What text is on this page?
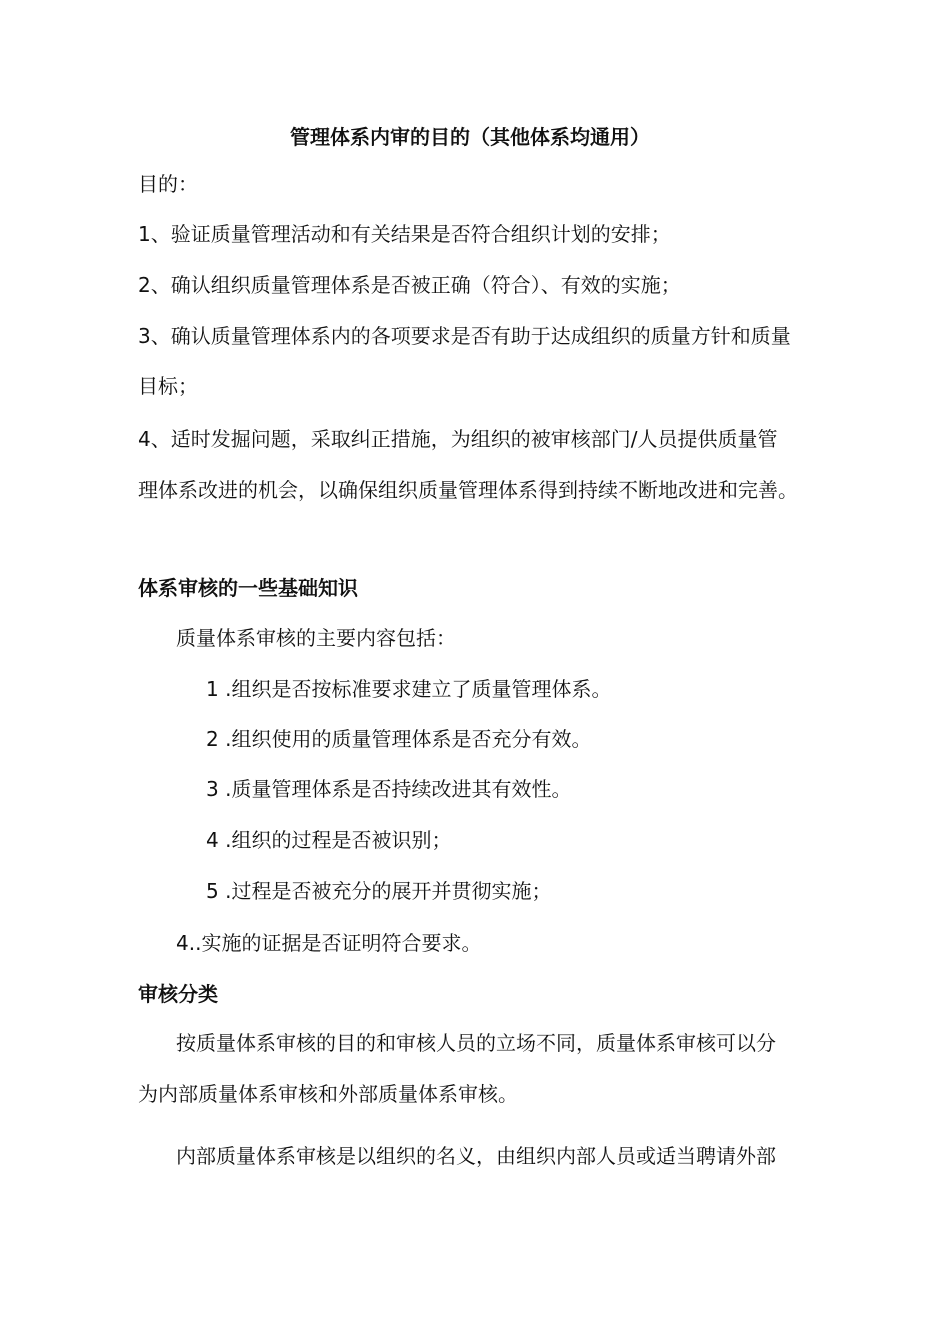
管理体系内审的目的（其他体系均通用）
目的：
1、验证质量管理活动和有关结果是否符合组织计划的安排；
2、确认组织质量管理体系是否被正确（符合）、有效的实施；
3、确认质量管理体系内的各项要求是否有助于达成组织的质量方针和质量
目标；
4、适时发掘问题，采取纠正措施，为组织的被审核部门/人员提供质量管
理体系改进的机会，以确保组织质量管理体系得到持续不断地改进和完善。
体系审核的一些基础知识
质量体系审核的主要内容包括：
1 .组织是否按标准要求建立了质量管理体系。
2 .组织使用的质量管理体系是否充分有效。
3 .质量管理体系是否持续改进其有效性。
4 .组织的过程是否被识别；
5 .过程是否被充分的展开并贯彻实施；
4..实施的证据是否证明符合要求。
审核分类
按质量体系审核的目的和审核人员的立场不同，质量体系审核可以分
为内部质量体系审核和外部质量体系审核。
内部质量体系审核是以组织的名义，由组织内部人员或适当聘请外部
